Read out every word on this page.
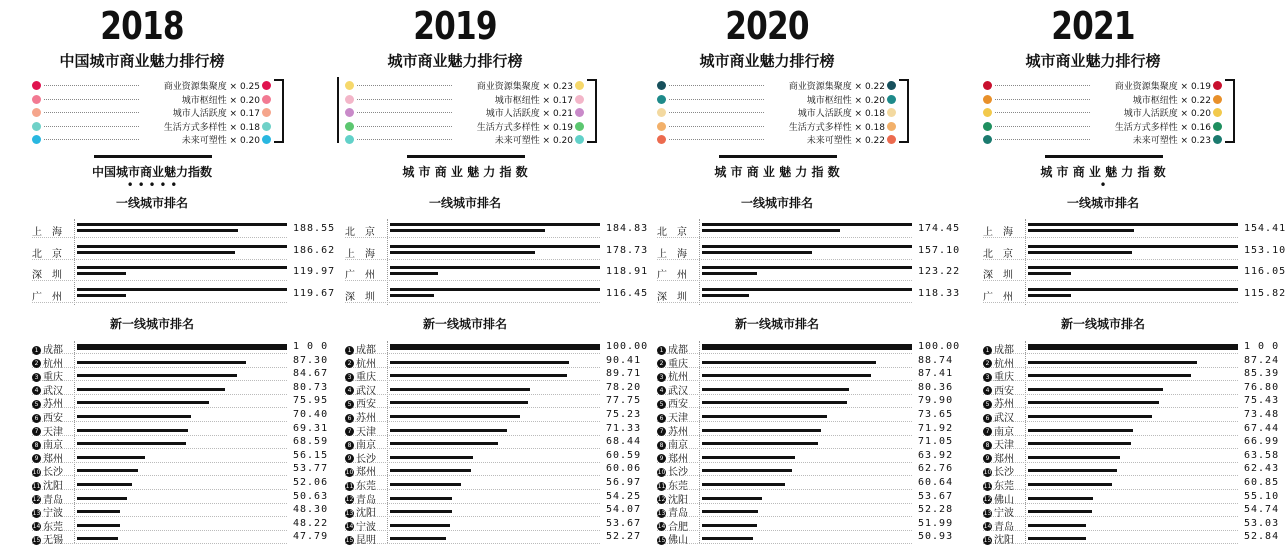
2018
中国城市商业魅力排行榜
商业资源集聚度 × 0.25
城市枢纽性 × 0.20
城市人活跃度 × 0.17
生活方式多样性 × 0.18
未来可塑性 × 0.20
中国城市商业魅力指数
• • • • •
一线城市排名
上　海	188.55
北　京	186.62
深　圳	119.97
广　州	119.67
新一线城市排名
1 成都	1 0 0
2 杭州	87.30
3 重庆	84.67
4 武汉	80.73
5 苏州	75.95
6 西安	70.40
7 天津	69.31
8 南京	68.59
9 郑州	56.15
10 长沙	53.77
11 沈阳	52.06
12 青岛	50.63
13 宁波	48.30
14 东莞	48.22
15 无锡	47.79
2019
城市商业魅力排行榜
商业资源集聚度 × 0.23
城市枢纽性 × 0.17
城市人活跃度 × 0.21
生活方式多样性 × 0.19
未来可塑性 × 0.20
城 市 商 业 魅 力 指 数
一线城市排名
北　京	184.83
上　海	178.73
广　州	118.91
深　圳	116.45
新一线城市排名
1 成都	100.00
2 杭州	90.41
3 重庆	89.71
4 武汉	78.20
5 西安	77.75
6 苏州	75.23
7 天津	71.33
8 南京	68.44
9 长沙	60.59
10 郑州	60.06
11 东莞	56.97
12 青岛	54.25
13 沈阳	54.07
14 宁波	53.67
15 昆明	52.27
2020
城市商业魅力排行榜
商业资源集聚度 × 0.22
城市枢纽性 × 0.20
城市人活跃度 × 0.18
生活方式多样性 × 0.18
未来可塑性 × 0.22
城 市 商 业 魅 力 指 数
一线城市排名
北　京	174.45
上　海	157.10
广　州	123.22
深　圳	118.33
新一线城市排名
1 成都	100.00
2 重庆	88.74
3 杭州	87.41
4 武汉	80.36
5 西安	79.90
6 天津	73.65
7 苏州	71.92
8 南京	71.05
9 郑州	63.92
10 长沙	62.76
11 东莞	60.64
12 沈阳	53.67
13 青岛	52.28
14 合肥	51.99
15 佛山	50.93
2021
城市商业魅力排行榜
商业资源集聚度 × 0.19
城市枢纽性 × 0.22
城市人活跃度 × 0.20
生活方式多样性 × 0.16
未来可塑性 × 0.23
城 市 商 业 魅 力 指 数
•
一线城市排名
上　海	154.41
北　京	153.10
深　圳	116.05
广　州	115.82
新一线城市排名
1 成都	1 0 0
2 杭州	87.24
3 重庆	85.39
4 西安	76.80
5 苏州	75.43
6 武汉	73.48
7 南京	67.44
8 天津	66.99
9 郑州	63.58
10 长沙	62.43
11 东莞	60.85
12 佛山	55.10
13 宁波	54.74
14 青岛	53.03
15 沈阳	52.84
